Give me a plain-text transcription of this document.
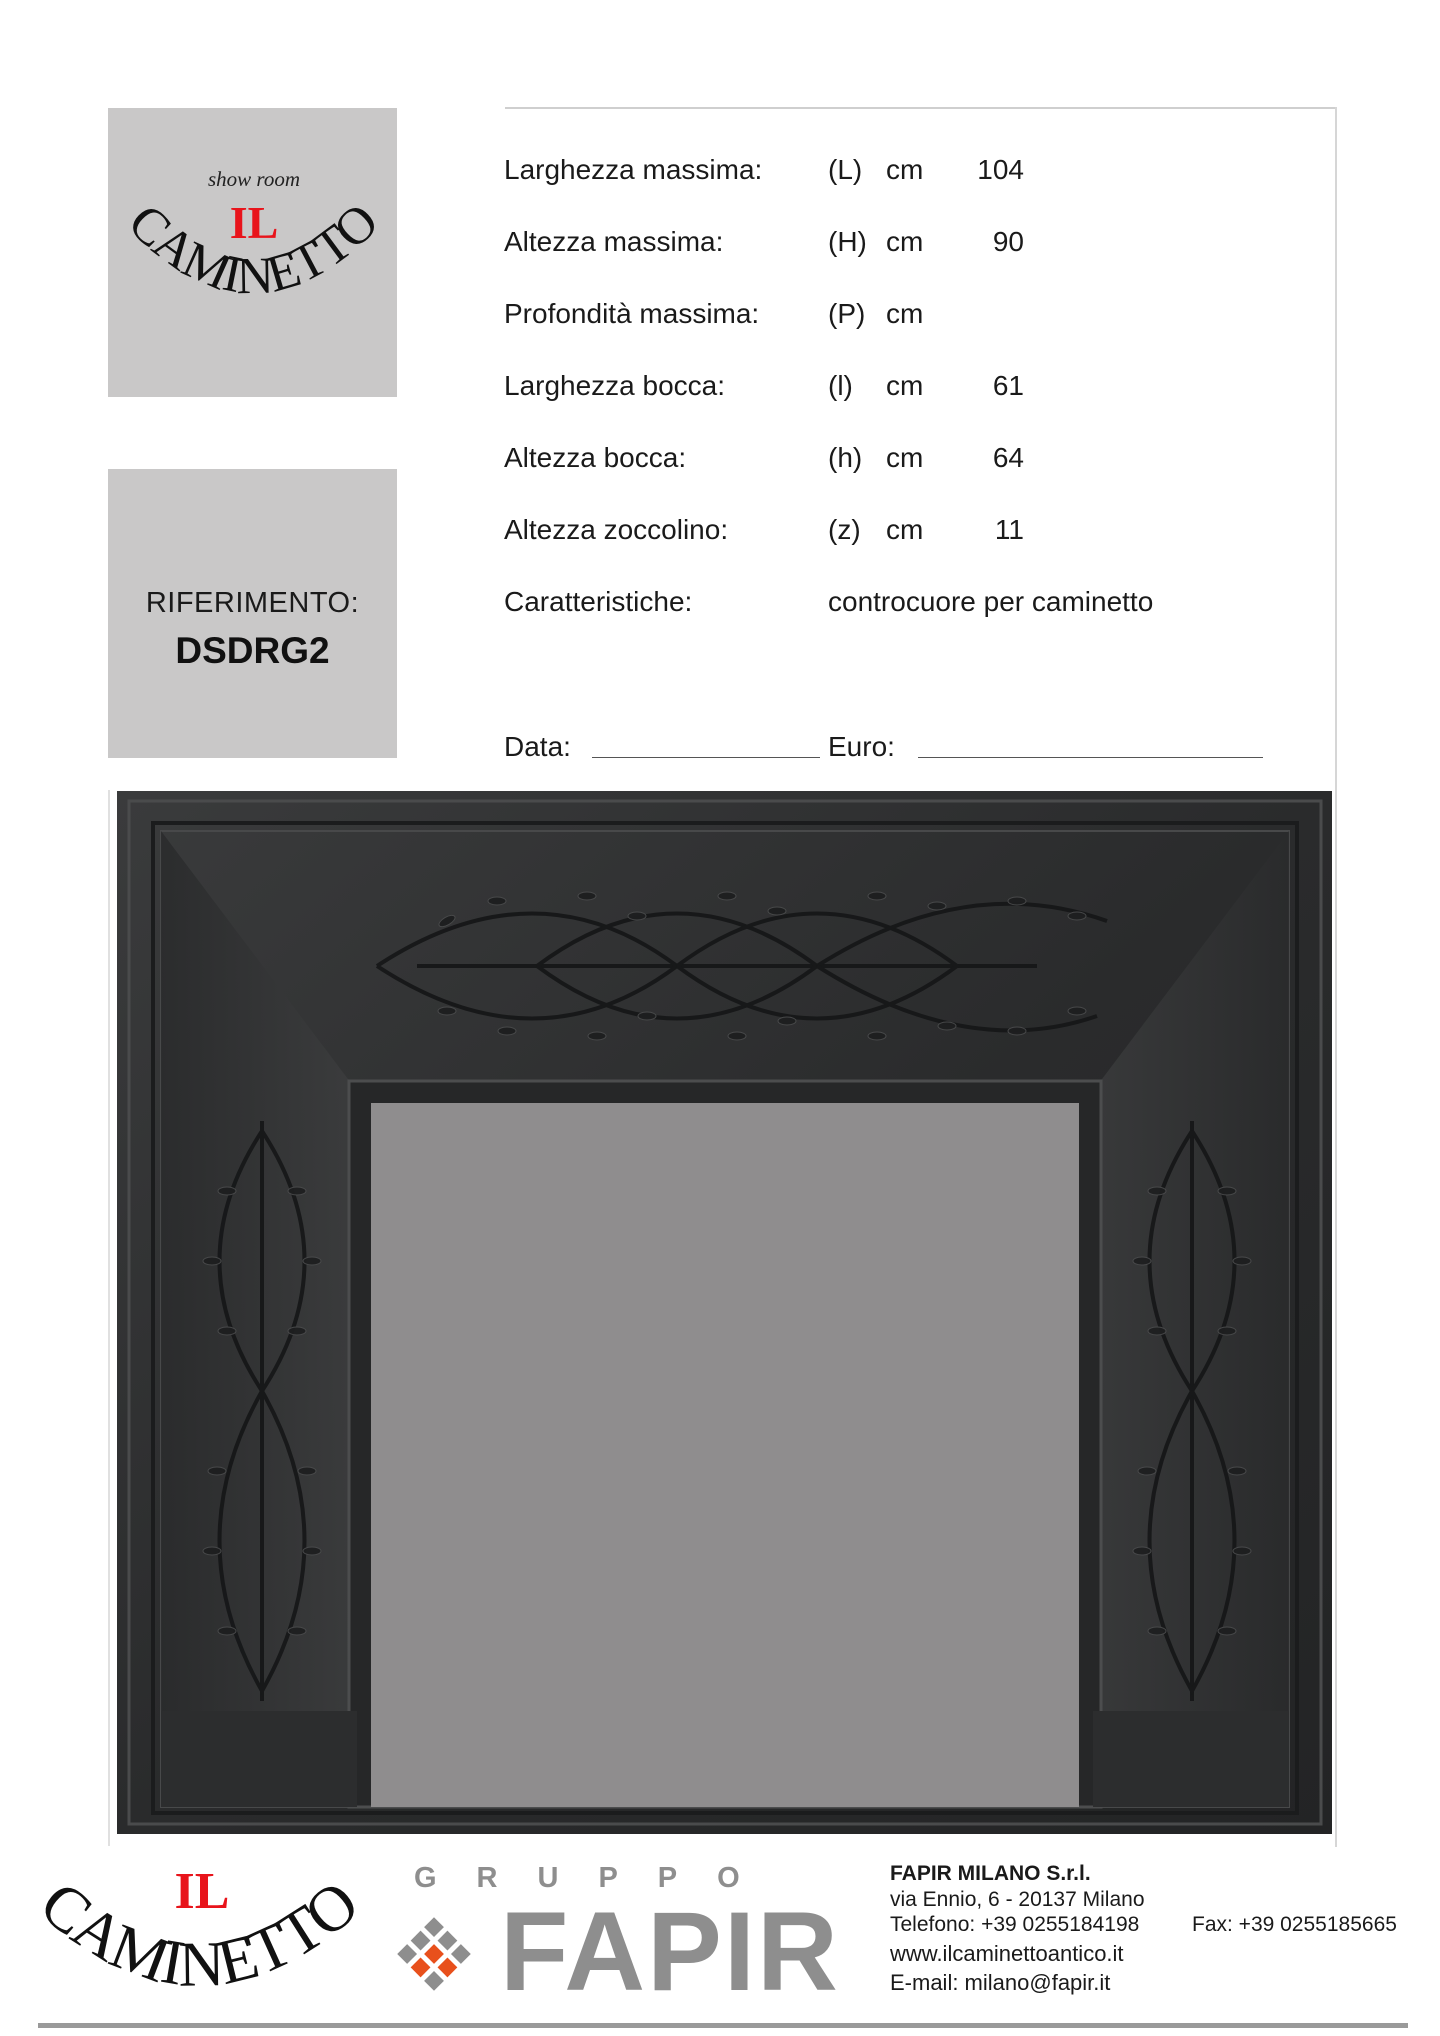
show room
IL
CAMINETTO
RIFERIMENTO:
DSDRG2
Larghezza massima: (L) cm	104
Altezza massima:	(H) cm	90
Profondità massima: (P) cm
Larghezza bocca:	(l) cm	61
Altezza bocca:	(h) cm	64
Altezza zoccolino:	(z) cm	11
Caratteristiche:	controcuore per caminetto
Data:	Euro:
IL
CAMINETTO GRUPPO
FAPIR
FAPIR MILANO S.r.l.
via Ennio, 6 - 20137 Milano
Telefono: +39 0255184198	Fax: +39 0255185665
www.ilcaminettoantico.it
E-mail: milano@fapir.it
